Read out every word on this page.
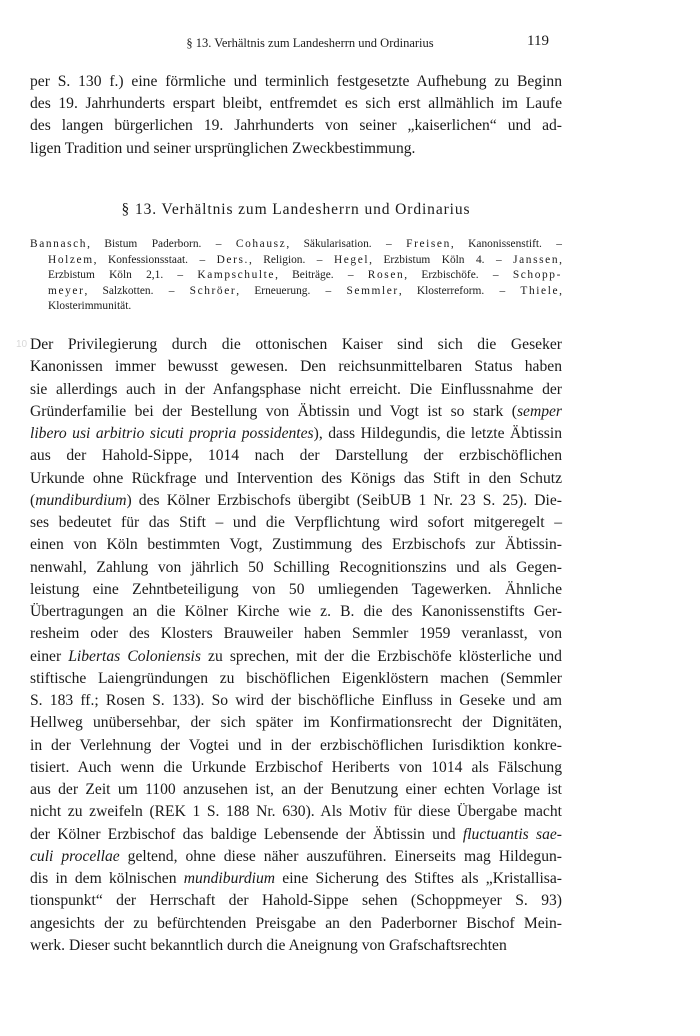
§ 13. Verhältnis zum Landesherrn und Ordinarius	119
per S. 130 f.) eine förmliche und terminlich festgesetzte Aufhebung zu Beginn
des 19. Jahrhunderts erspart bleibt, entfremdet es sich erst allmählich im Laufe
des langen bürgerlichen 19. Jahrhunderts von seiner „kaiserlichen“ und ad-
ligen Tradition und seiner ursprünglichen Zweckbestimmung.
§ 13. Verhältnis zum Landesherrn und Ordinarius
Bannasch, Bistum Paderborn. – Cohausz, Säkularisation. – Freisen, Kanonissenstift. –
Holzem, Konfessionsstaat. – Ders., Religion. – Hegel, Erzbistum Köln 4. – Janssen,
Erzbistum Köln 2,1. – Kampschulte, Beiträge. – Rosen, Erzbischöfe. – Schopp-
meyer, Salzkotten. – Schröer, Erneuerung. – Semmler, Klosterreform. – Thiele,
Klosterimmunität.
10 Der Privilegierung durch die ottonischen Kaiser sind sich die Geseker
Kanonissen immer bewusst gewesen. Den reichsunmittelbaren Status haben
sie allerdings auch in der Anfangsphase nicht erreicht. Die Einflussnahme der
Gründerfamilie bei der Bestellung von Äbtissin und Vogt ist so stark (semper
libero usi arbitrio sicuti propria possidentes), dass Hildegundis, die letzte Äbtissin
aus der Hahold-Sippe, 1014 nach der Darstellung der erzbischöflichen
Urkunde ohne Rückfrage und Intervention des Königs das Stift in den Schutz
(mundiburdium) des Kölner Erzbischofs übergibt (SeibUB 1 Nr. 23 S. 25). Die-
ses bedeutet für das Stift – und die Verpflichtung wird sofort mitgeregelt –
einen von Köln bestimmten Vogt, Zustimmung des Erzbischofs zur Äbtissin-
nenwahl, Zahlung von jährlich 50 Schilling Recognitionszins und als Gegen-
leistung eine Zehntbeteiligung von 50 umliegenden Tagewerken. Ähnliche
Übertragungen an die Kölner Kirche wie z. B. die des Kanonissenstifts Ger-
resheim oder des Klosters Brauweiler haben Semmler 1959 veranlasst, von
einer Libertas Coloniensis zu sprechen, mit der die Erzbischöfe klösterliche und
stiftische Laiengründungen zu bischöflichen Eigenklöstern machen (Semmler
S. 183 ff.; Rosen S. 133). So wird der bischöfliche Einfluss in Geseke und am
Hellweg unübersehbar, der sich später im Konfirmationsrecht der Dignitäten,
in der Verlehnung der Vogtei und in der erzbischöflichen Iurisdiktion konkre-
tisiert. Auch wenn die Urkunde Erzbischof Heriberts von 1014 als Fälschung
aus der Zeit um 1100 anzusehen ist, an der Benutzung einer echten Vorlage ist
nicht zu zweifeln (REK 1 S. 188 Nr. 630). Als Motiv für diese Übergabe macht
der Kölner Erzbischof das baldige Lebensende der Äbtissin und fluctuantis sae-
culi procellae geltend, ohne diese näher auszuführen. Einerseits mag Hildegun-
dis in dem kölnischen mundiburdium eine Sicherung des Stiftes als „Kristallisa-
tionspunkt“ der Herrschaft der Hahold-Sippe sehen (Schoppmeyer S. 93)
angesichts der zu befürchtenden Preisgabe an den Paderborner Bischof Mein-
werk. Dieser sucht bekanntlich durch die Aneignung von Grafschaftsrechten
